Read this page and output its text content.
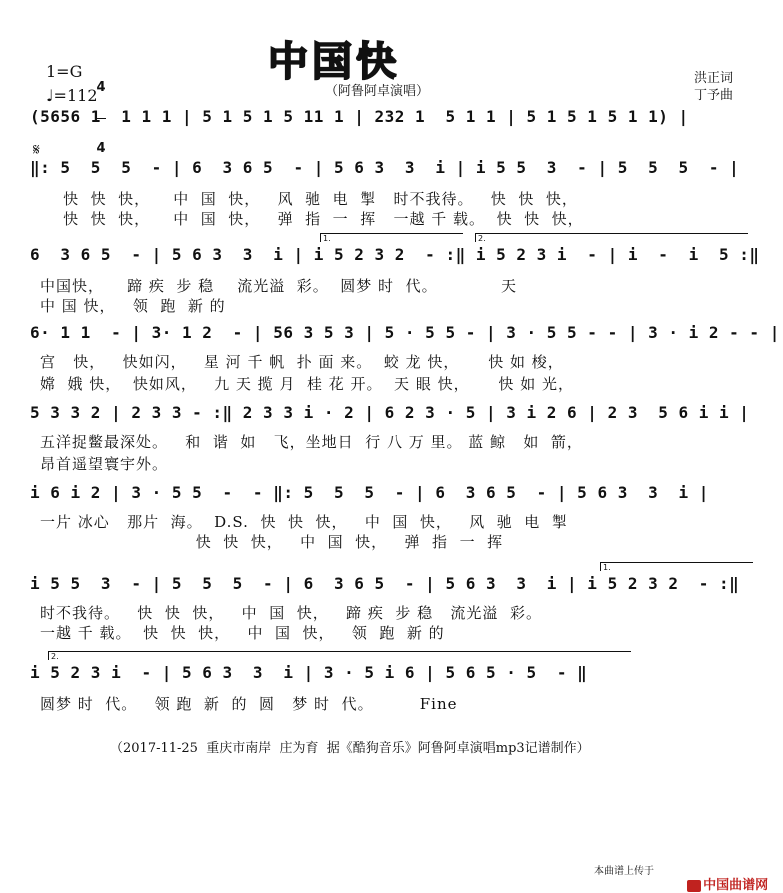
中国快
（阿鲁阿卓演唱）
洪正词
丁予曲
1=G

4

4

♩=112
𝄋
(5656 1  1 1 1 | 5 1 5 1 5 11 1 | 232 1  5 1 1 | 5 1 5 1 5 1 1) |
‖: 5  5  5  - | 6  3 6 5  - | 5 6 3  3  i | i 5 5  3  - | 5  5  5  - |
快  快  快，    中  国  快，   风  驰  电  掣   时不我待。   快  快  快，
快  快  快，    中  国  快，   弹  指  一  挥   一越 千 载。  快  快  快，
1.	2.
6  3 6 5  - | 5 6 3  3  i | i 5 2 3 2  - :‖ i 5 2 3 i  - | i  -  i  5 :‖
中国快，    蹄 疾  步 稳    流光溢  彩。  圆梦 时  代。           天
中 国 快，   领  跑  新 的
6· 1 1  - | 3· 1 2  - | 56 3 5 3 | 5 · 5 5 - | 3 · 5 5 - - | 3 · i 2 - - |
宫   快，   快如闪，   星 河 千 帆  扑 面 来。  蛟 龙 快，     快 如 梭，
嫦  娥 快，  快如风，   九 天 揽 月  桂 花 开。  天 眼 快，     快 如 光，
5 3 3 2 | 2 3 3 - :‖ 2 3 3 i · 2 | 6 2 3 · 5 | 3 i 2 6 | 2 3  5 6 i i |
五洋捉鳖最深处。   和  谐  如   飞，坐地日  行 八 万 里。 蓝 鲸   如  箭，
昂首遥望寰宇外。
i 6 i 2 | 3 · 5 5  -  - ‖: 5  5  5  - | 6  3 6 5  - | 5 6 3  3  i |
一片 冰心   那片  海。  D.S.  快  快  快，   中  国  快，   风  驰  电  掣
快  快  快，   中  国  快，   弹  指  一  挥
1.
i 5 5  3  - | 5  5  5  - | 6  3 6 5  - | 5 6 3  3  i | i 5 2 3 2  - :‖
时不我待。   快  快  快，   中  国  快，   蹄 疾  步 稳   流光溢  彩。
一越 千 载。  快  快  快，   中  国  快，   领  跑  新 的
2.
i 5 2 3 i  - | 5 6 3  3  i | 3 · 5 i 6 | 5 6 5 · 5  - ‖
圆梦 时  代。   领 跑  新  的  圆   梦 时  代。        Fine
（2017-11-25  重庆市南岸  庄为育  据《酷狗音乐》阿鲁阿卓演唱mp3记谱制作）
本曲谱上传于

中国曲谱网
